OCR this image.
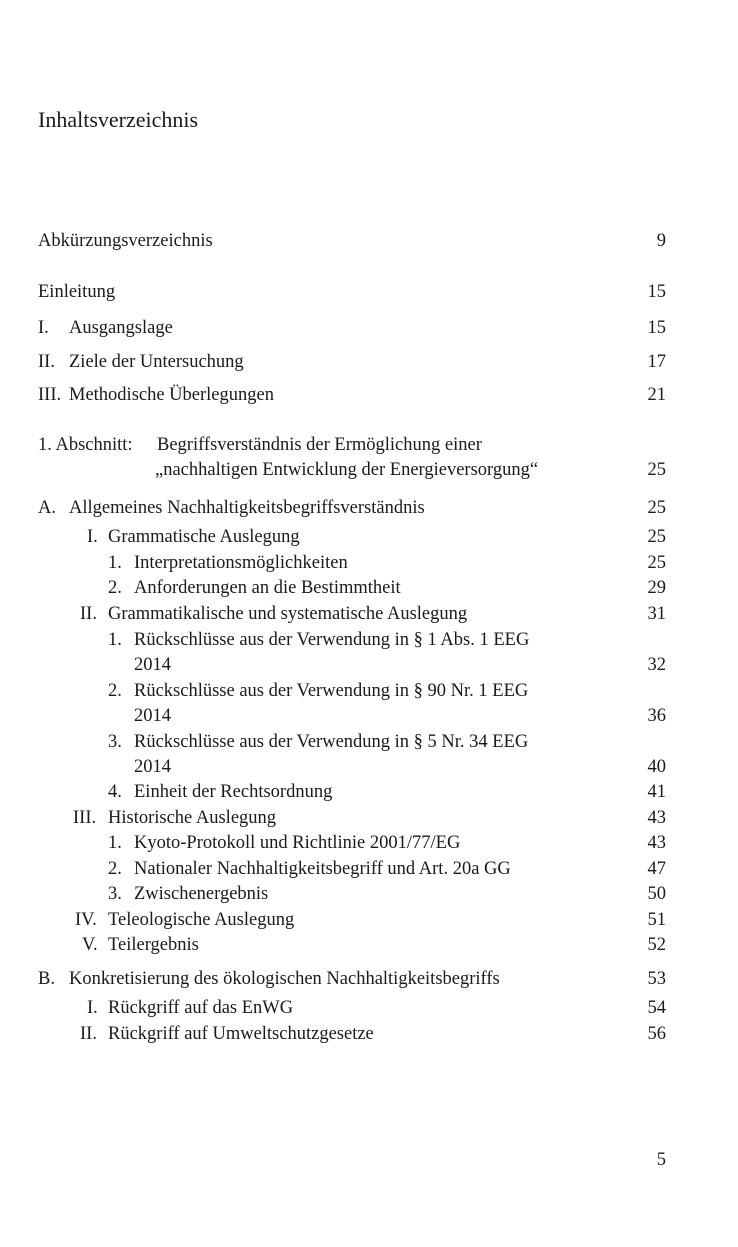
Inhaltsverzeichnis
Abkürzungsverzeichnis	9
Einleitung	15
I. Ausgangslage	15
II. Ziele der Untersuchung	17
III. Methodische Überlegungen	21
1. Abschnitt: Begriffsverständnis der Ermöglichung einer
„nachhaltigen Entwicklung der Energieversorgung“	25
A. Allgemeines Nachhaltigkeitsbegriffsverständnis	25
I. Grammatische Auslegung	25
1. Interpretationsmöglichkeiten	25
2. Anforderungen an die Bestimmtheit	29
II. Grammatikalische und systematische Auslegung	31
1. Rückschlüsse aus der Verwendung in § 1 Abs. 1 EEG
2014	32
2. Rückschlüsse aus der Verwendung in § 90 Nr. 1 EEG
2014	36
3. Rückschlüsse aus der Verwendung in § 5 Nr. 34 EEG
2014	40
4. Einheit der Rechtsordnung	41
III. Historische Auslegung	43
1. Kyoto-Protokoll und Richtlinie 2001/77/EG	43
2. Nationaler Nachhaltigkeitsbegriff und Art. 20a GG	47
3. Zwischenergebnis	50
IV. Teleologische Auslegung	51
V. Teilergebnis	52
B. Konkretisierung des ökologischen Nachhaltigkeitsbegriffs	53
I. Rückgriff auf das EnWG	54
II. Rückgriff auf Umweltschutzgesetze	56
5
